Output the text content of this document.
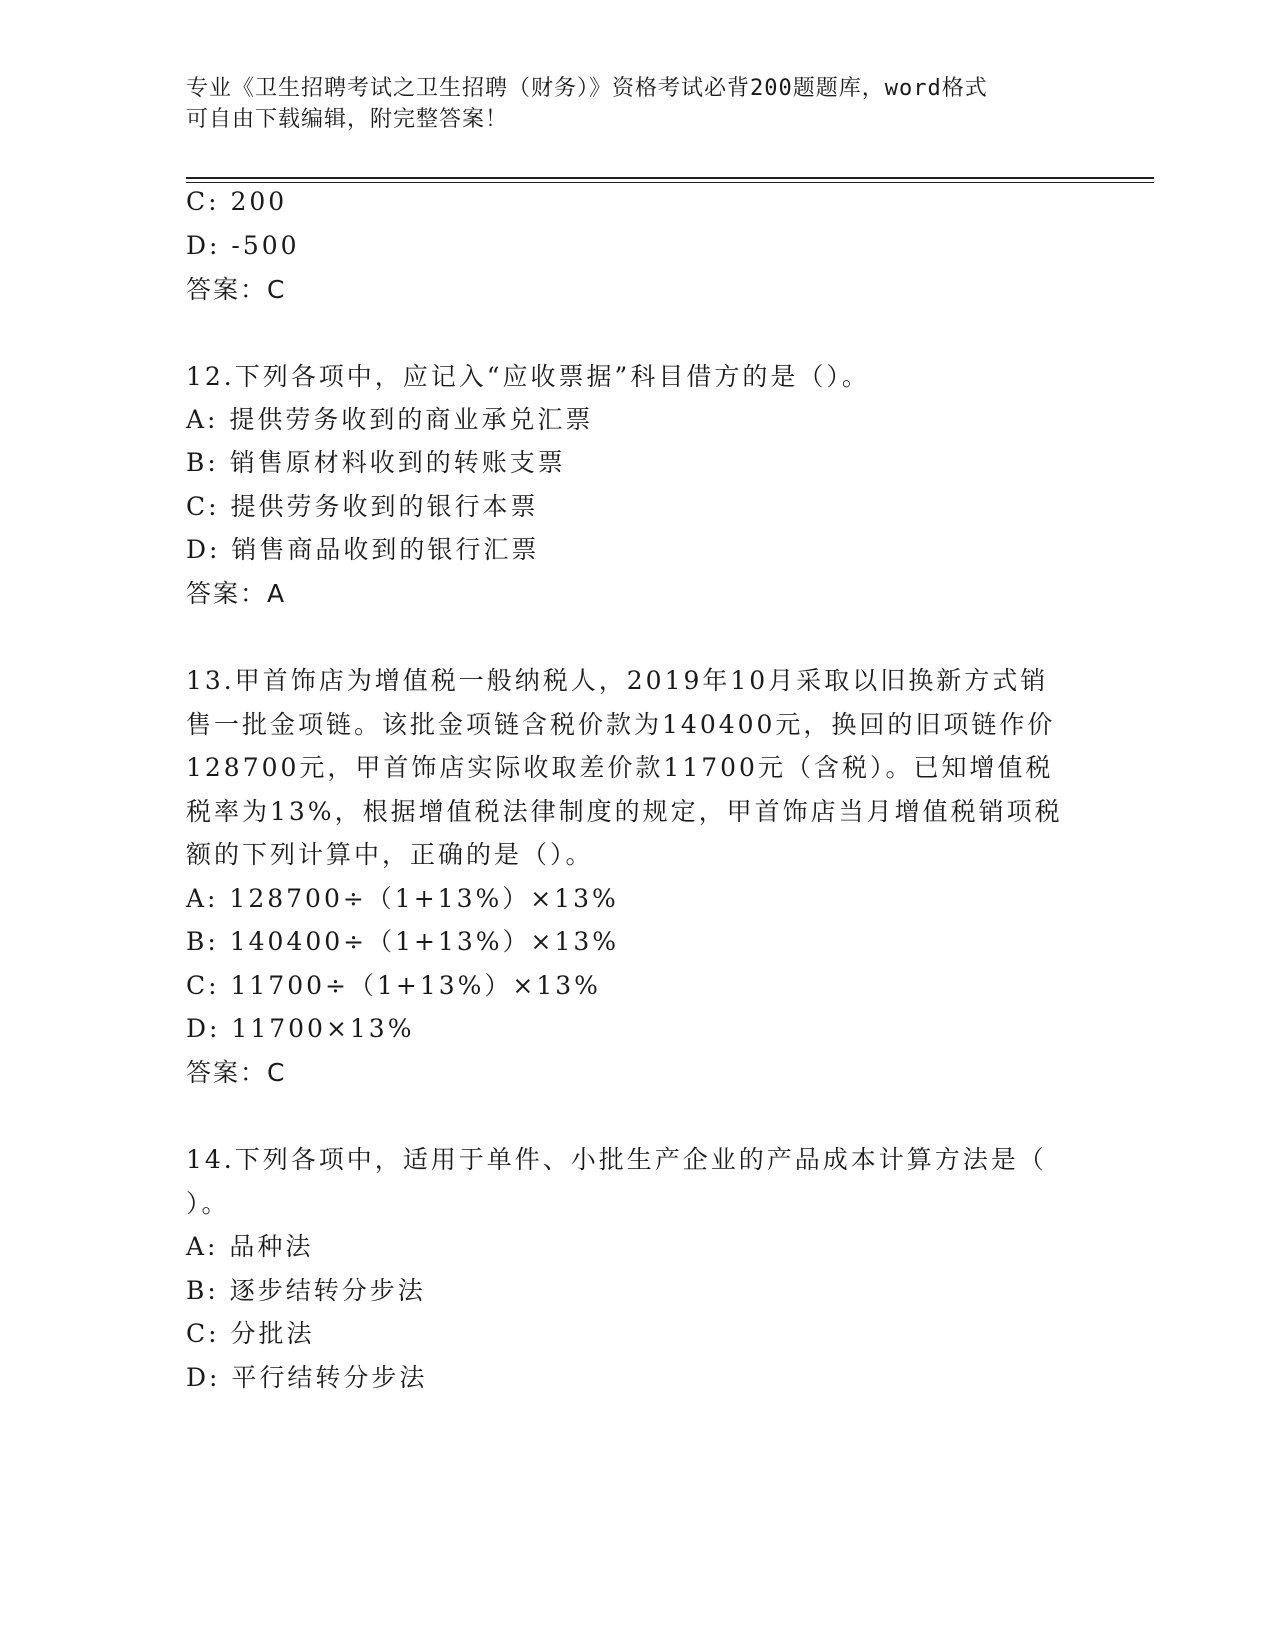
专业《卫生招聘考试之卫生招聘（财务）》资格考试必背200题题库，word格式
可自由下载编辑，附完整答案！
C: 200
D: -500
答案：C
12.下列各项中，应记入“应收票据”科目借方的是（）。
A: 提供劳务收到的商业承兑汇票
B: 销售原材料收到的转账支票
C: 提供劳务收到的银行本票
D: 销售商品收到的银行汇票
答案：A
13.甲首饰店为增值税一般纳税人，2019年10月采取以旧换新方式销
售一批金项链。该批金项链含税价款为140400元，换回的旧项链作价
128700元，甲首饰店实际收取差价款11700元（含税）。已知增值税
税率为13%，根据增值税法律制度的规定，甲首饰店当月增值税销项税
额的下列计算中，正确的是（）。
A: 128700÷（1+13%）×13%
B: 140400÷（1+13%）×13%
C: 11700÷（1+13%）×13%
D: 11700×13%
答案：C
14.下列各项中，适用于单件、小批生产企业的产品成本计算方法是（
）。
A: 品种法
B: 逐步结转分步法
C: 分批法
D: 平行结转分步法
